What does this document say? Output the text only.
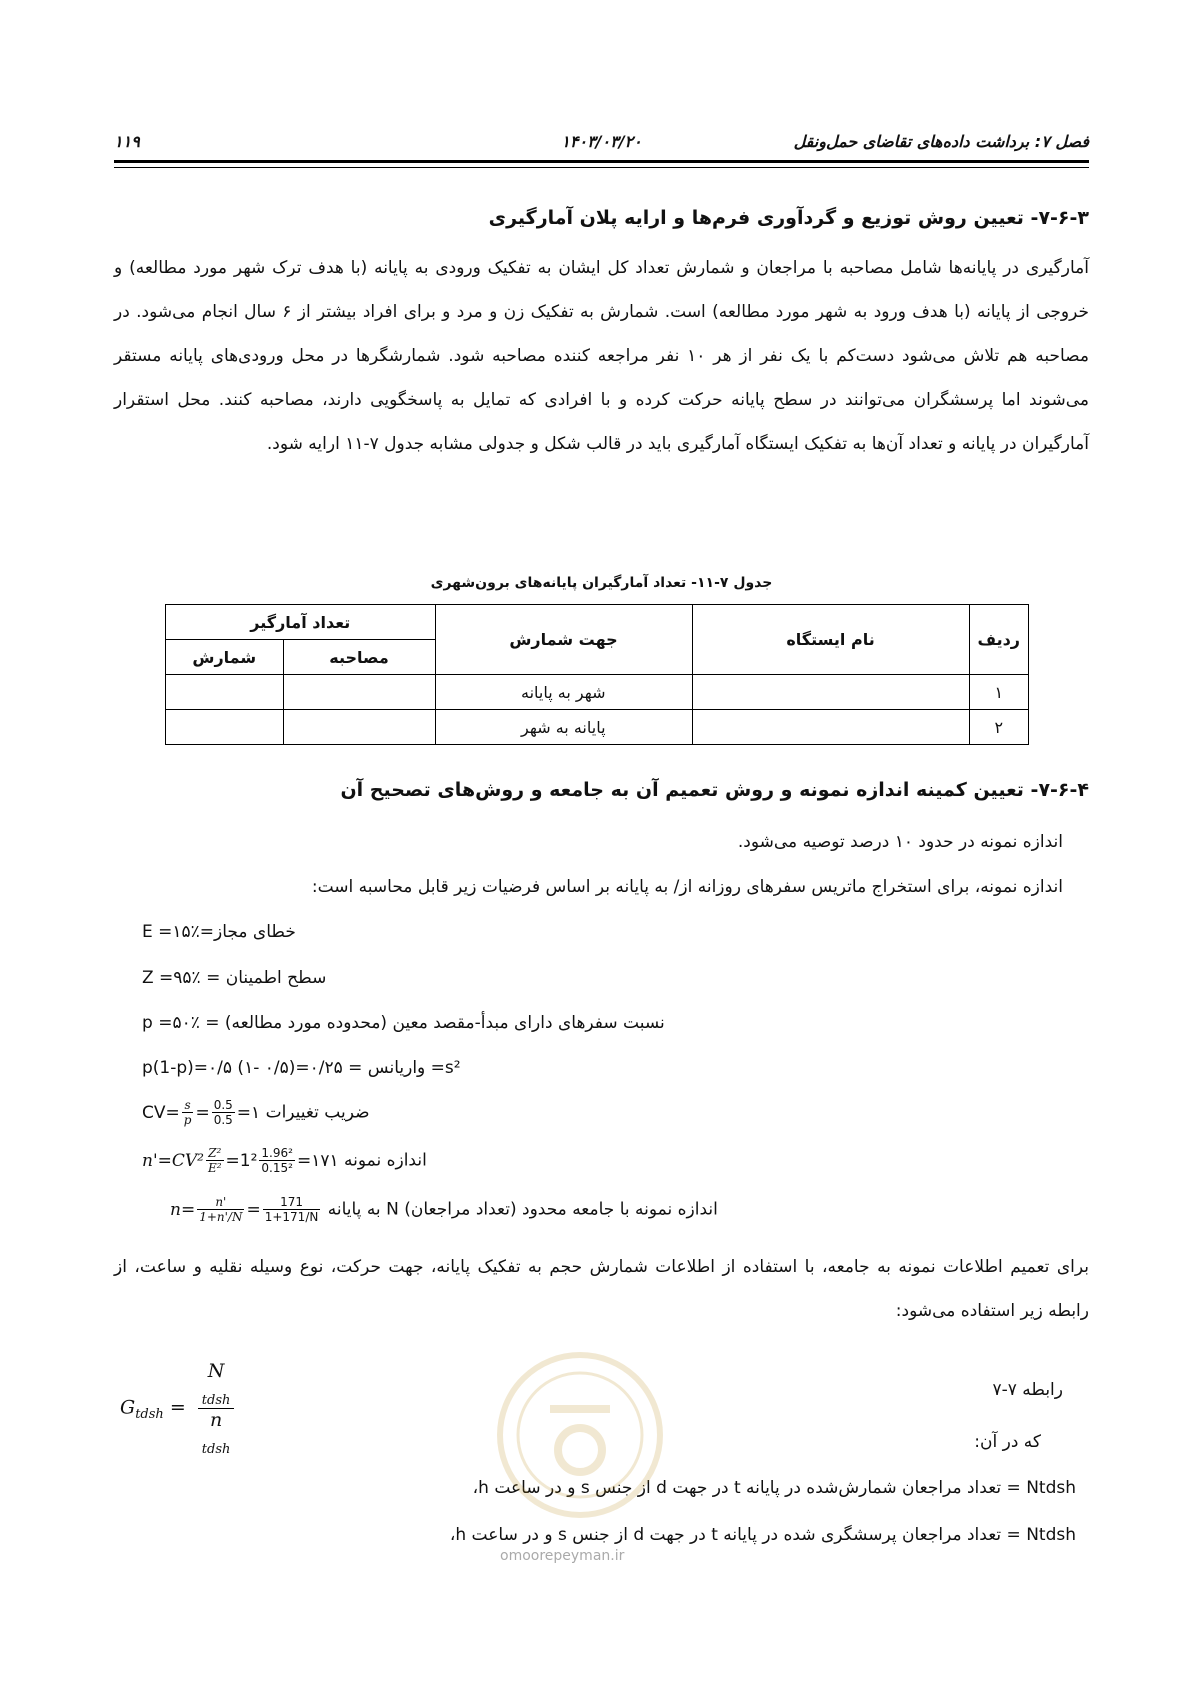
فصل ۷: برداشت داده‌های تقاضای حمل‌ونقل
۱۴۰۳/۰۳/۲۰
۱۱۹
۷-۶-۳- تعیین روش توزیع و گردآوری فرم‌ها و ارایه پلان آمارگیری

آمارگیری در پایانه‌ها شامل مصاحبه با مراجعان و شمارش تعداد کل ایشان به تفکیک ورودی به پایانه (با هدف ترک شهر مورد مطالعه) و خروجی از پایانه (با هدف ورود به شهر مورد مطالعه) است. شمارش به تفکیک زن و مرد و برای افراد بیشتر از ۶ سال انجام می‌شود. در مصاحبه هم تلاش می‌شود دست‌کم با یک نفر از هر ۱۰ نفر مراجعه کننده مصاحبه شود. شمارشگرها در محل ورودی‌های پایانه مستقر می‌شوند اما پرسشگران می‌توانند در سطح پایانه حرکت کرده و با افرادی که تمایل به پاسخگویی دارند، مصاحبه کنند. محل استقرار آمارگیران در پایانه و تعداد آن‌ها به تفکیک ایستگاه آمارگیری باید در قالب شکل و جدولی مشابه جدول ۷-۱۱ ارایه شود.

جدول ۷-۱۱- تعداد آمارگیران پایانه‌های برون‌شهری
ردیف	نام ایستگاه	جهت شمارش	تعداد آمارگیر	
			مصاحبه	شمارش
۱		شهر به پایانه		
۲		پایانه به شهر		
۷-۶-۴- تعیین کمینه اندازه نمونه و روش تعمیم آن به جامعه و روش‌های تصحیح آن
اندازه نمونه در حدود ۱۰ درصد توصیه می‌شود.
اندازه نمونه، برای استخراج ماتریس سفرهای روزانه از/ به پایانه بر اساس فرضیات زیر قابل محاسبه است:
خطای مجاز=E =۱۵٪
سطح اطمینان = Z =۹۵٪
نسبت سفرهای دارای مبدأ-مقصد معین (محدوده مورد مطالعه) = p =۵۰٪
s²= واریانس = p(1-p)=۰/۵ (۱- ۰/۵)=۰/۲۵
ضریب تغییرات $CV= \frac{s}{p} = \frac{0.5}{0.5}$ =۱
اندازه نمونه $n'=CV^2 \frac{\text{Z²}}{\text{E²}} =1^2 \frac{\text{1.96²}}{\text{0.15²}}$ =۱۷۱
اندازه نمونه با جامعه محدود (تعداد مراجعان) N به پایانه $n= \frac{n'}{1+n'/N} = \frac{171}{1+171/N}$

برای تعمیم اطلاعات نمونه به جامعه، با استفاده از اطلاعات شمارش حجم به تفکیک پایانه، جهت حرکت، نوع وسیله نقلیه و ساعت، از رابطه زیر استفاده می‌شود:

رابطه ۷-۷
$G_{tdsh}$ =
N
$_{tdsh}$
n
$_{tdsh}$	که در آن:
Ntdsh = تعداد مراجعان شمارش‌شده در پایانه t در جهت d از جنس s و در ساعت h،
Ntdsh = تعداد مراجعان پرسشگری شده در پایانه t در جهت d از جنس s و در ساعت h،
omoorepeyman.ir
